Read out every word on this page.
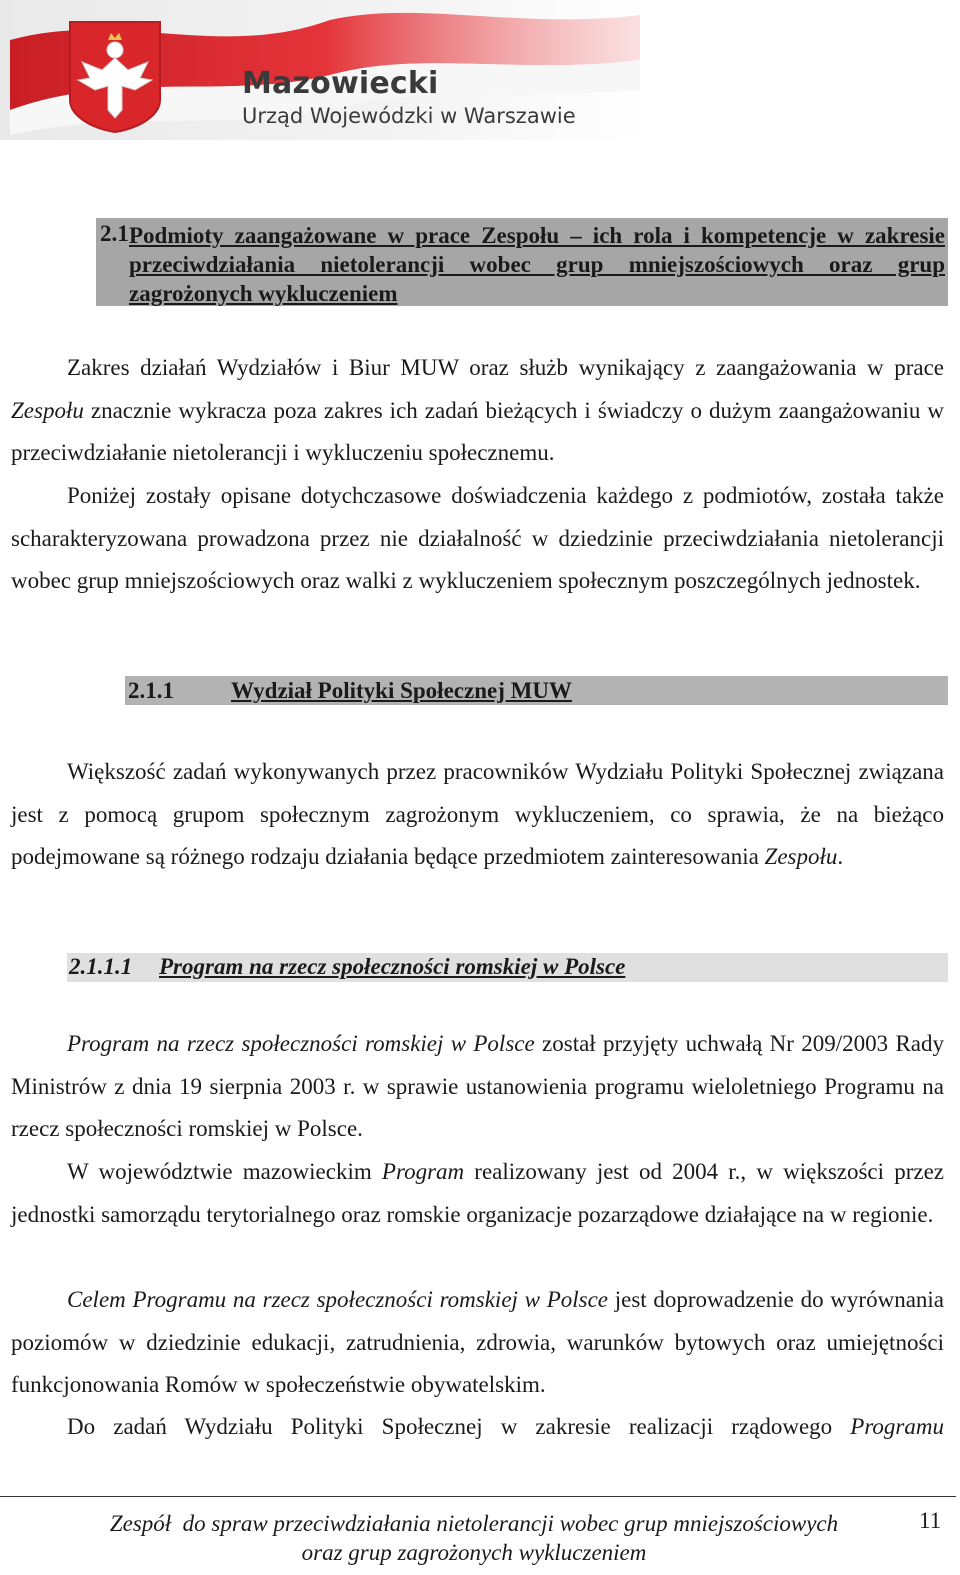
Mazowiecki
Urząd Wojewódzki w Warszawie
2.1 Podmioty zaangażowane w prace Zespołu – ich rola i kompetencje w zakresie przeciwdziałania nietolerancji wobec grup mniejszościowych oraz grup zagrożonych wykluczeniem

Zakres działań Wydziałów i Biur MUW oraz służb wynikający z zaangażowania w prace Zespołu znacznie wykracza poza zakres ich zadań bieżących i świadczy o dużym zaangażowaniu w przeciwdziałanie nietolerancji i wykluczeniu społecznemu.

Poniżej zostały opisane dotychczasowe doświadczenia każdego z podmiotów, została także scharakteryzowana prowadzona przez nie działalność w dziedzinie przeciwdziałania nietolerancji wobec grup mniejszościowych oraz walki z wykluczeniem społecznym poszczególnych jednostek.

2.1.1 Wydział Polityki Społecznej MUW

Większość zadań wykonywanych przez pracowników Wydziału Polityki Społecznej związana jest z pomocą grupom społecznym zagrożonym wykluczeniem, co sprawia, że na bieżąco podejmowane są różnego rodzaju działania będące przedmiotem zainteresowania Zespołu.

2.1.1.1 Program na rzecz społeczności romskiej w Polsce

Program na rzecz społeczności romskiej w Polsce został przyjęty uchwałą Nr 209/2003 Rady Ministrów z dnia 19 sierpnia 2003 r. w sprawie ustanowienia programu wieloletniego Programu na rzecz społeczności romskiej w Polsce.

W województwie mazowieckim Program realizowany jest od 2004 r., w większości przez jednostki samorządu terytorialnego oraz romskie organizacje pozarządowe działające na w regionie.

Celem Programu na rzecz społeczności romskiej w Polsce jest doprowadzenie do wyrównania poziomów w dziedzinie edukacji, zatrudnienia, zdrowia, warunków bytowych oraz umiejętności funkcjonowania Romów w społeczeństwie obywatelskim.

Do zadań Wydziału Polityki Społecznej w zakresie realizacji rządowego Programu

Zespół  do spraw przeciwdziałania nietolerancji wobec grup mniejszościowych
oraz grup zagrożonych wykluczeniem
11
